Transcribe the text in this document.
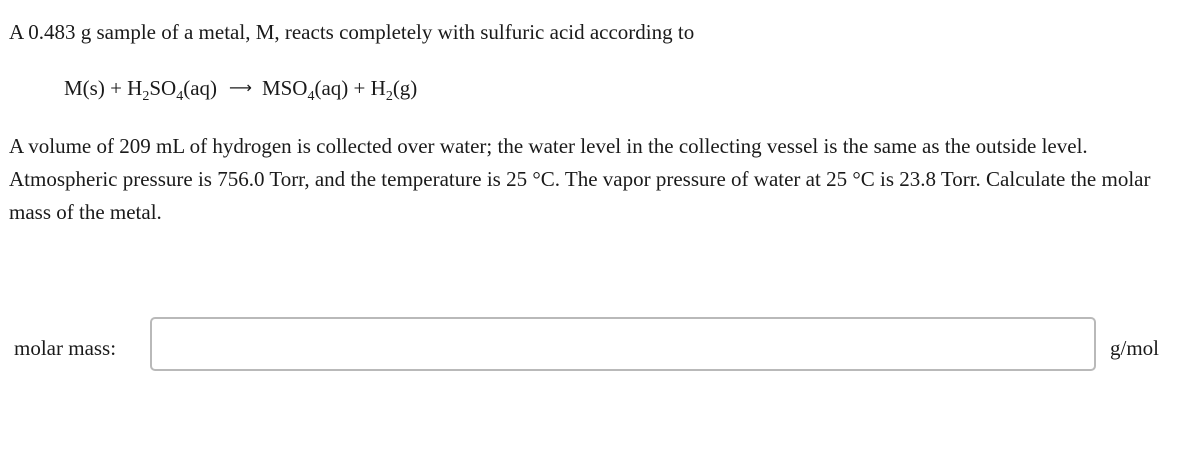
A 0.483 g sample of a metal, M, reacts completely with sulfuric acid according to
$M(s) + H_2SO_4(aq)$ ⟶ $MSO_4(aq) + H_2(g)$
A volume of 209 mL of hydrogen is collected over water; the water level in the collecting vessel is the same as the outside level. Atmospheric pressure is 756.0 Torr, and the temperature is 25 °C. The vapor pressure of water at 25 °C is 23.8 Torr. Calculate the molar mass of the metal.
molar mass:	g/mol
